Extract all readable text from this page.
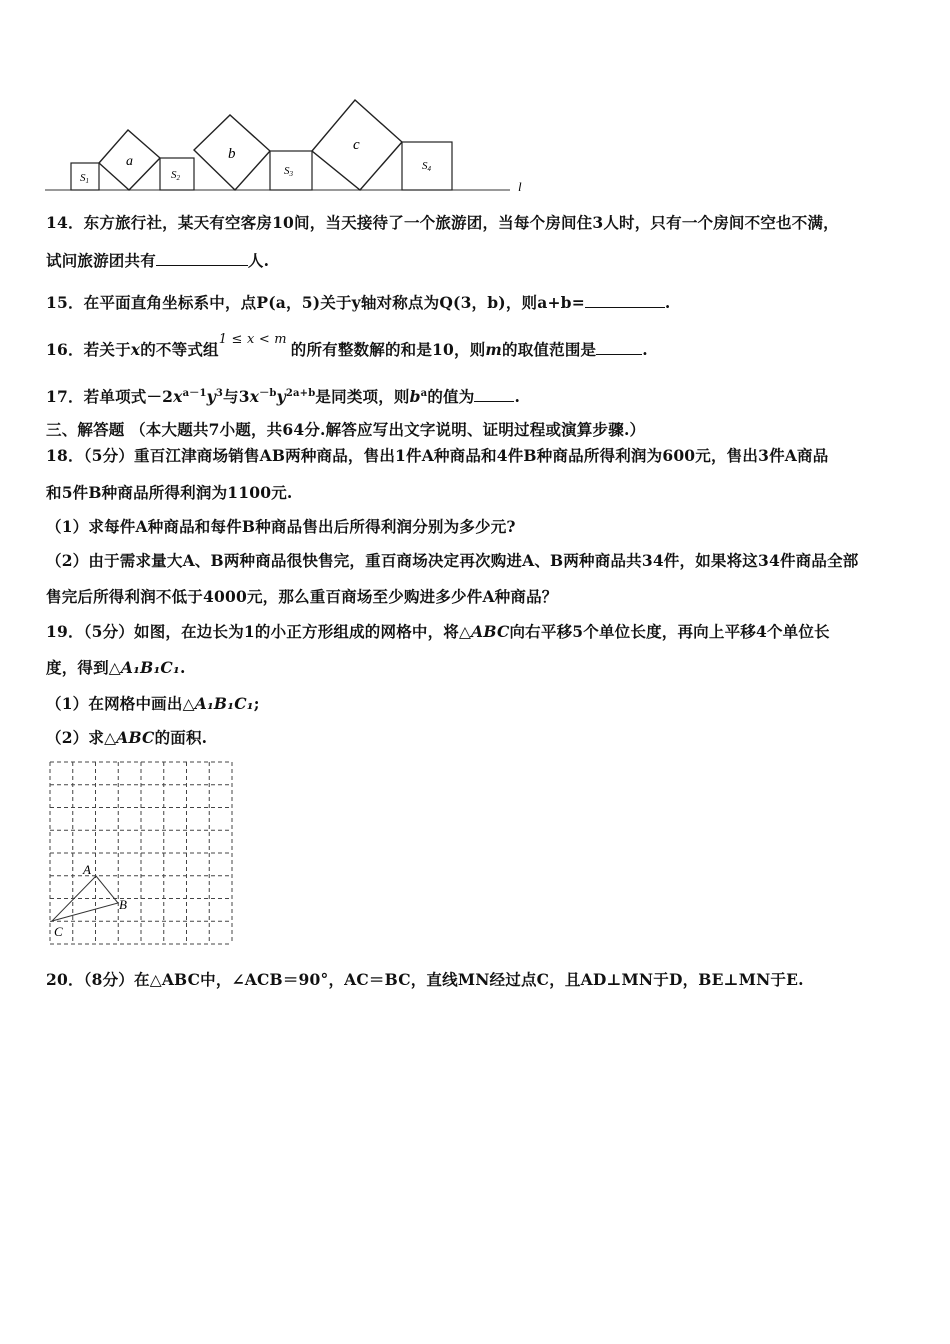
S1
a
S2
b
S3
c
S4
l
14．东方旅行社，某天有空客房10间，当天接待了一个旅游团，当每个房间住3人时，只有一个房间不空也不满，
试问旅游团共有	人.
15．在平面直角坐标系中，点P(a，5)关于y轴对称点为Q(3，b)，则a+b=	.
16．若关于x的不等式组1 ≤ x < m的所有整数解的和是10，则m的取值范围是	.
17．若单项式$-2x^{a-1}y^3$与$3x^{-b}y^{2a+b}$是同类项，则$b^a$的值为	.
三、解答题 （本大题共7小题，共64分.解答应写出文字说明、证明过程或演算步骤.）
18．（5分）重百江津商场销售AB两种商品，售出1件A种商品和4件B种商品所得利润为600元，售出3件A商品
和5件B种商品所得利润为1100元.
（1）求每件A种商品和每件B种商品售出后所得利润分别为多少元?
（2）由于需求量大A、B两种商品很快售完，重百商场决定再次购进A、B两种商品共34件，如果将这34件商品全部
售完后所得利润不低于4000元，那么重百商场至少购进多少件A种商品？
19．（5分）如图，在边长为1的小正方形组成的网格中，将△ABC向右平移5个单位长度，再向上平移4个单位长
度，得到△A₁B₁C₁.
（1）在网格中画出△A₁B₁C₁;
（2）求△ABC的面积.
A
B
C
20．（8分）在△ABC中，∠ACB＝90°，AC＝BC，直线MN经过点C，且AD⊥MN于D，BE⊥MN于E.
